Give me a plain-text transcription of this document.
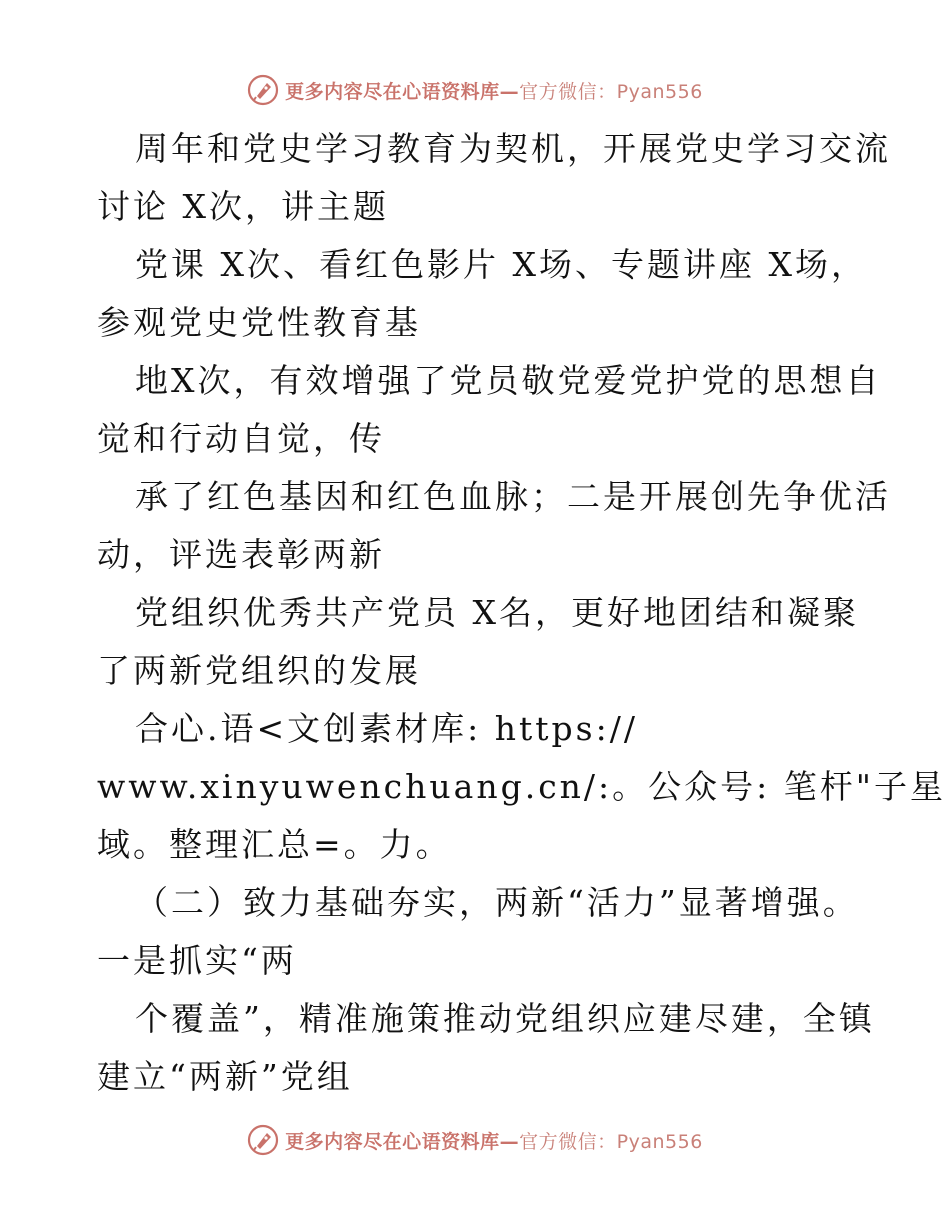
更多内容尽在心语资料库—官方微信：Pyan556
周年和党史学习教育为契机，开展党史学习交流
讨论 X次，讲主题
党课 X次、看红色影片 X场、专题讲座 X场，
参观党史党性教育基
地X次，有效增强了党员敬党爱党护党的思想自
觉和行动自觉，传
承了红色基因和红色血脉；二是开展创先争优活
动，评选表彰两新
党组织优秀共产党员 X名，更好地团结和凝聚
了两新党组织的发展
合心.语<文创素材库: https://
www.xinyuwenchuang.cn/:。公众号: 笔杆"子星
域。整理汇总=。力。
（二）致力基础夯实，两新“活力”显著增强。
一是抓实“两
个覆盖”，精准施策推动党组织应建尽建，全镇
建立“两新”党组
更多内容尽在心语资料库—官方微信：Pyan556
